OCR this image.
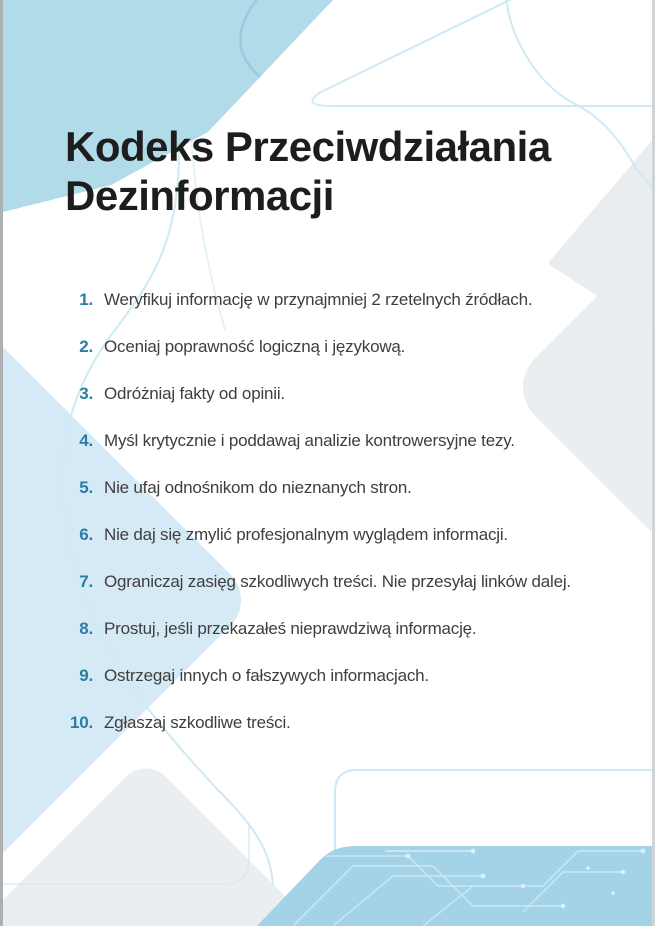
Kodeks Przeciwdziałania
Dezinformacji
1. Weryfikuj informację w przynajmniej 2 rzetelnych źródłach.
2. Oceniaj poprawność logiczną i językową.
3. Odróżniaj fakty od opinii.
4. Myśl krytycznie i poddawaj analizie kontrowersyjne tezy.
5. Nie ufaj odnośnikom do nieznanych stron.
6. Nie daj się zmylić profesjonalnym wyglądem informacji.
7. Ograniczaj zasięg szkodliwych treści. Nie przesyłaj linków dalej.
8. Prostuj, jeśli przekazałeś nieprawdziwą informację.
9. Ostrzegaj innych o fałszywych informacjach.
10. Zgłaszaj szkodliwe treści.
